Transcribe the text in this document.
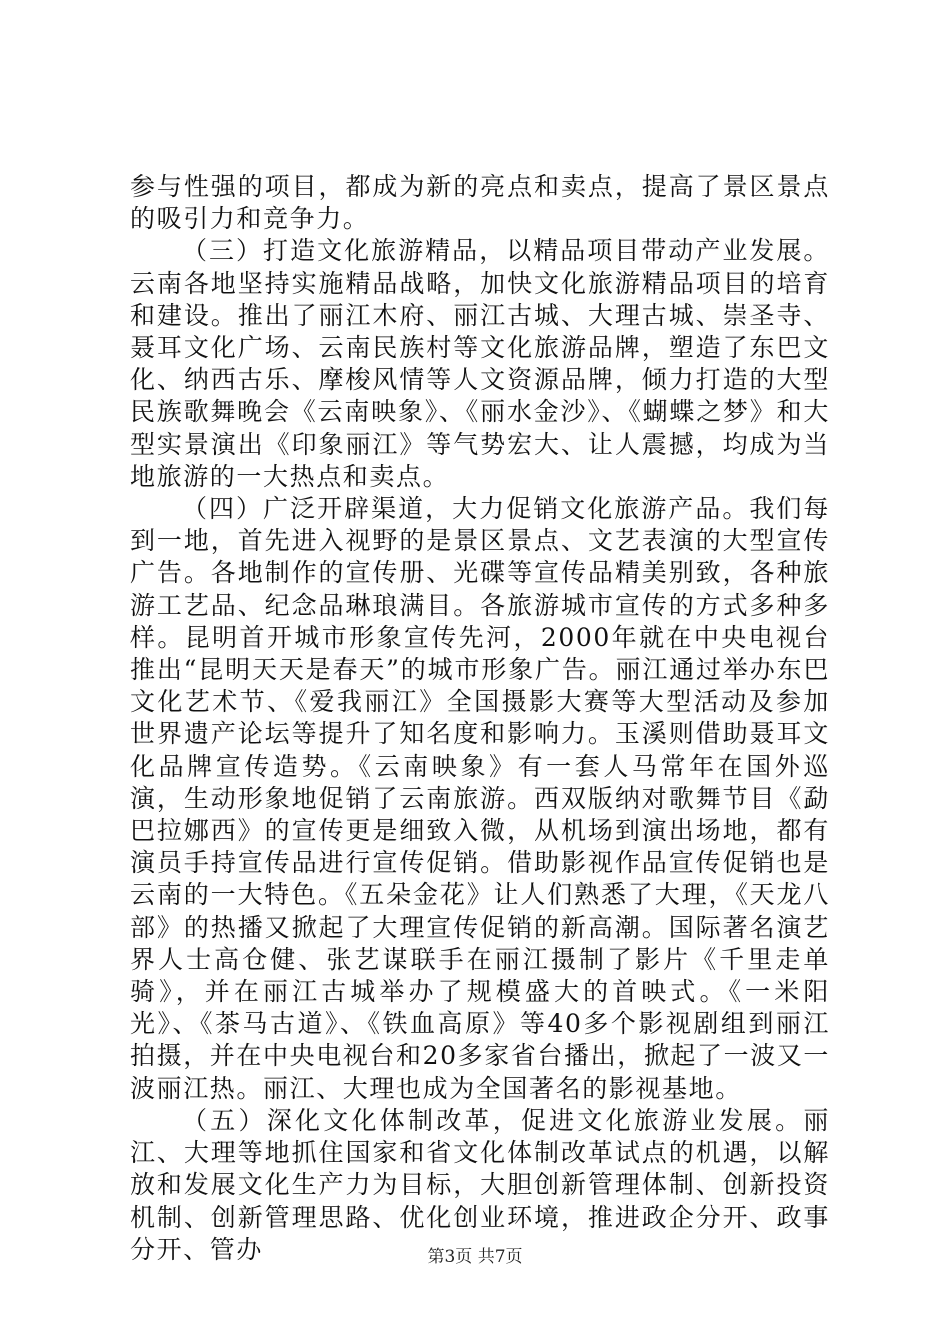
参与性强的项目，都成为新的亮点和卖点，提高了景区景点的吸引力和竞争力。

（三）打造文化旅游精品，以精品项目带动产业发展。云南各地坚持实施精品战略，加快文化旅游精品项目的培育和建设。推出了丽江木府、丽江古城、大理古城、崇圣寺、聂耳文化广场、云南民族村等文化旅游品牌，塑造了东巴文化、纳西古乐、摩梭风情等人文资源品牌，倾力打造的大型民族歌舞晚会《云南映象》、《丽水金沙》、《蝴蝶之梦》和大型实景演出《印象丽江》等气势宏大、让人震撼，均成为当地旅游的一大热点和卖点。

（四）广泛开辟渠道，大力促销文化旅游产品。我们每到一地，首先进入视野的是景区景点、文艺表演的大型宣传广告。各地制作的宣传册、光碟等宣传品精美别致，各种旅游工艺品、纪念品琳琅满目。各旅游城市宣传的方式多种多样。昆明首开城市形象宣传先河，2000年就在中央电视台推出“昆明天天是春天”的城市形象广告。丽江通过举办东巴文化艺术节、《爱我丽江》全国摄影大赛等大型活动及参加世界遗产论坛等提升了知名度和影响力。玉溪则借助聂耳文化品牌宣传造势。《云南映象》有一套人马常年在国外巡演，生动形象地促销了云南旅游。西双版纳对歌舞节目《勐巴拉娜西》的宣传更是细致入微，从机场到演出场地，都有演员手持宣传品进行宣传促销。借助影视作品宣传促销也是云南的一大特色。《五朵金花》让人们熟悉了大理，《天龙八部》的热播又掀起了大理宣传促销的新高潮。国际著名演艺界人士高仓健、张艺谋联手在丽江摄制了影片《千里走单骑》，并在丽江古城举办了规模盛大的首映式。《一米阳光》、《茶马古道》、《铁血高原》等40多个影视剧组到丽江拍摄，并在中央电视台和20多家省台播出，掀起了一波又一波丽江热。丽江、大理也成为全国著名的影视基地。

（五）深化文化体制改革，促进文化旅游业发展。丽江、大理等地抓住国家和省文化体制改革试点的机遇，以解放和发展文化生产力为目标，大胆创新管理体制、创新投资机制、创新管理思路、优化创业环境，推进政企分开、政事分开、管办	第3页 共7页
